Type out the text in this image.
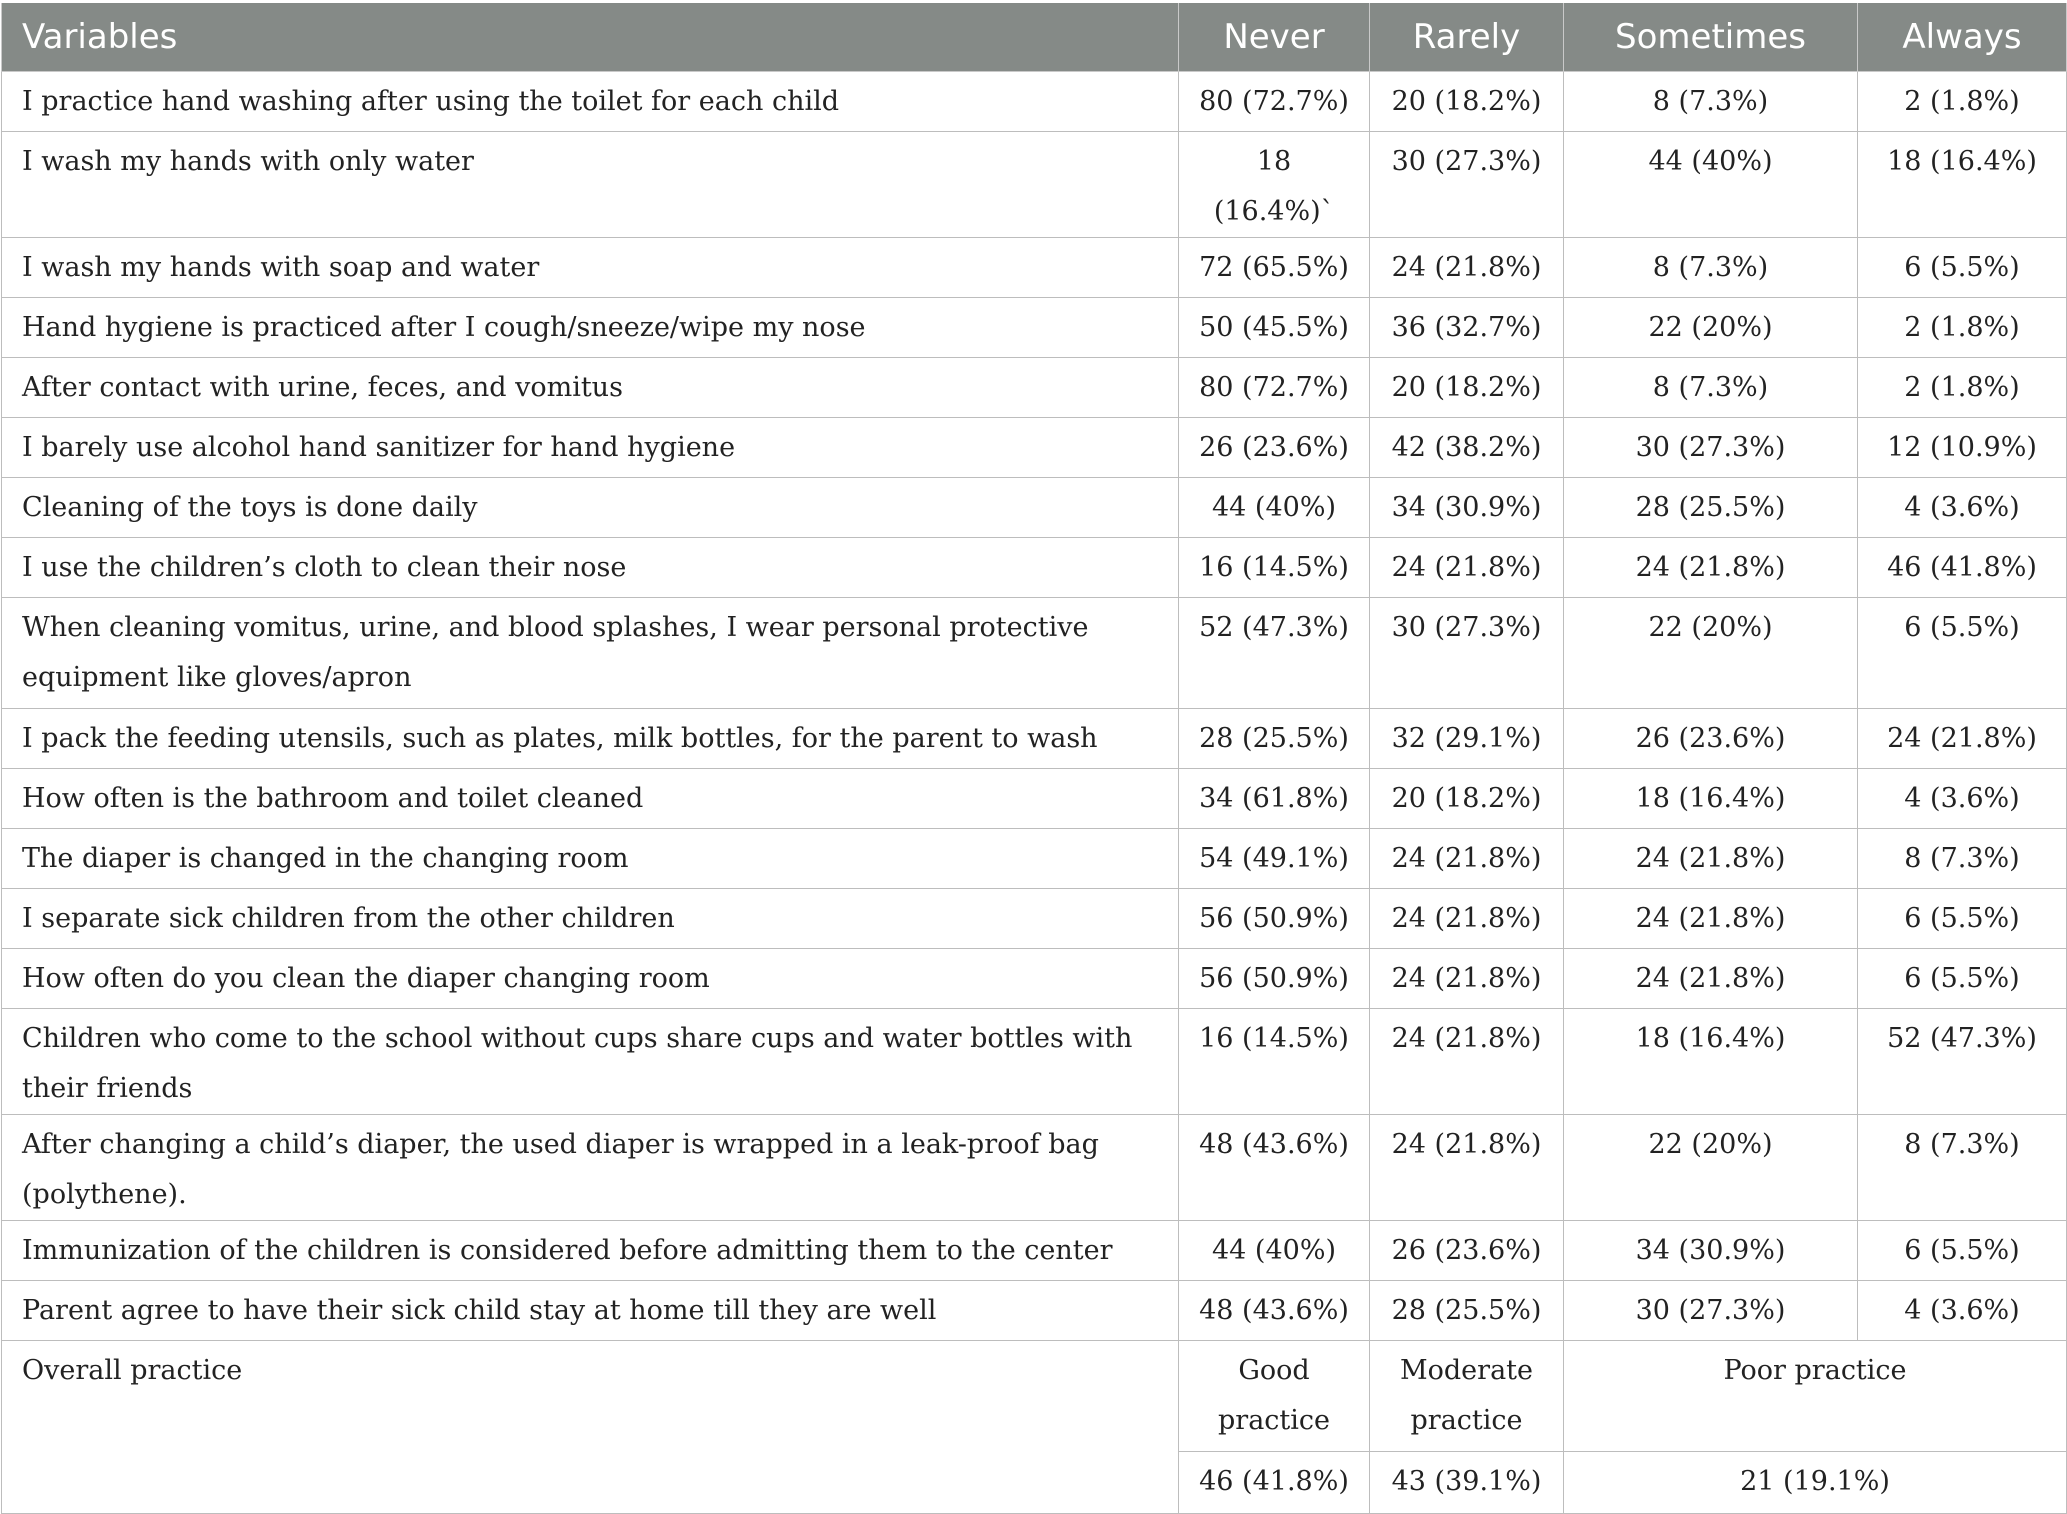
Variables	Never	Rarely	Sometimes	Always
I practice hand washing after using the toilet for each child	80 (72.7%)	20 (18.2%)	8 (7.3%)	2 (1.8%)
I wash my hands with only water	18 (16.4%)`	30 (27.3%)	44 (40%)	18 (16.4%)
I wash my hands with soap and water	72 (65.5%)	24 (21.8%)	8 (7.3%)	6 (5.5%)
Hand hygiene is practiced after I cough/sneeze/wipe my nose	50 (45.5%)	36 (32.7%)	22 (20%)	2 (1.8%)
After contact with urine, feces, and vomitus	80 (72.7%)	20 (18.2%)	8 (7.3%)	2 (1.8%)
I barely use alcohol hand sanitizer for hand hygiene	26 (23.6%)	42 (38.2%)	30 (27.3%)	12 (10.9%)
Cleaning of the toys is done daily	44 (40%)	34 (30.9%)	28 (25.5%)	4 (3.6%)
I use the children’s cloth to clean their nose	16 (14.5%)	24 (21.8%)	24 (21.8%)	46 (41.8%)
When cleaning vomitus, urine, and blood splashes, I wear personal protective equipment like gloves/apron	52 (47.3%)	30 (27.3%)	22 (20%)	6 (5.5%)
I pack the feeding utensils, such as plates, milk bottles, for the parent to wash	28 (25.5%)	32 (29.1%)	26 (23.6%)	24 (21.8%)
How often is the bathroom and toilet cleaned	34 (61.8%)	20 (18.2%)	18 (16.4%)	4 (3.6%)
The diaper is changed in the changing room	54 (49.1%)	24 (21.8%)	24 (21.8%)	8 (7.3%)
I separate sick children from the other children	56 (50.9%)	24 (21.8%)	24 (21.8%)	6 (5.5%)
How often do you clean the diaper changing room	56 (50.9%)	24 (21.8%)	24 (21.8%)	6 (5.5%)
Children who come to the school without cups share cups and water bottles with their friends	16 (14.5%)	24 (21.8%)	18 (16.4%)	52 (47.3%)
After changing a child’s diaper, the used diaper is wrapped in a leak-proof bag (polythene).	48 (43.6%)	24 (21.8%)	22 (20%)	8 (7.3%)
Immunization of the children is considered before admitting them to the center	44 (40%)	26 (23.6%)	34 (30.9%)	6 (5.5%)
Parent agree to have their sick child stay at home till they are well	48 (43.6%)	28 (25.5%)	30 (27.3%)	4 (3.6%)
Overall practice	Good practice	Moderate practice	Poor practice	
	46 (41.8%)	43 (39.1%)	21 (19.1%)	
